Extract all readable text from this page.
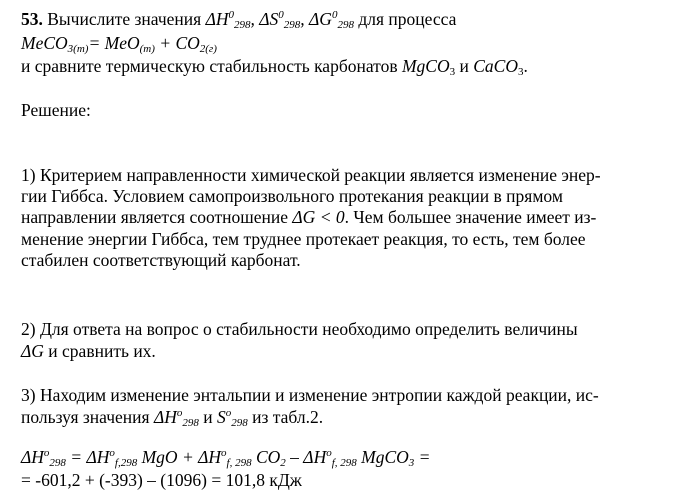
53. Вычислите значения $\Delta H^0_{298}$, $\Delta S^0_{298}$, $\Delta G^0_{298}$ для процесса
MeCO$_{3(т)}$= $MeO_{(т)} + CO_{2(г)}$
и сравните термическую стабильность карбонатов MgCO$_3$ и CaCO$_3$.
Решение:
1) Критерием направленности химической реакции является изменение энер-
гии Гиббса. Условием самопроизвольного протекания реакции в прямом
направлении является соотношение ΔG < 0. Чем большее значение имеет из-
менение энергии Гиббса, тем труднее протекает реакция, то есть, тем более
стабилен соответствующий карбонат.
2) Для ответа на вопрос о стабильности необходимо определить величины
ΔG и сравнить их.
3) Находим изменение энтальпии и изменение энтропии каждой реакции, ис-
пользуя значения $\Delta H^o_{298}$ и $S^o_{298}$ из табл.2.
$\Delta H^o_{298} = \Delta H^o_{f,298}$ MgO + $\Delta H^o_{f, 298}$ $CO_2 - \Delta H^o_{f, 298}$ MgCO$_3$ =
= -601,2 + (-393) – (1096) = 101,8 кДж
